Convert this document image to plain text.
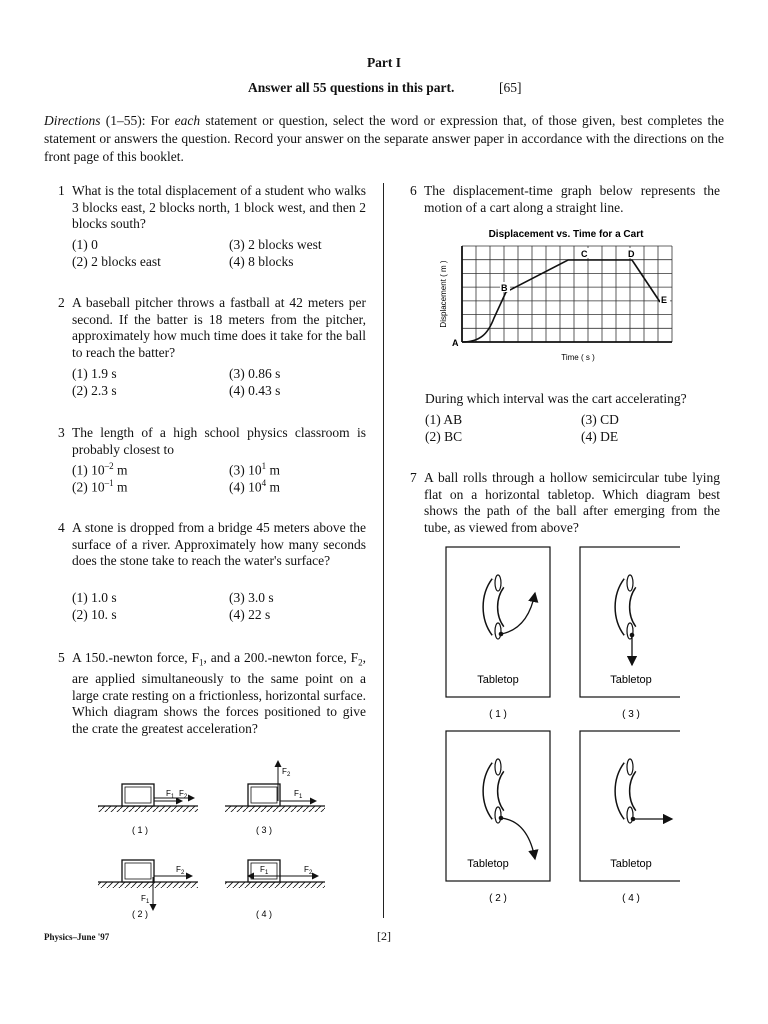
Part I
Answer all 55 questions in this part.	[65]
Directions (1–55): For each statement or question, select the word or expression that, of those given, best completes the statement or answers the question. Record your answer on the separate answer paper in accordance with the directions on the front page of this booklet.
1 What is the total displacement of a student who walks 3 blocks east, 2 blocks north, 1 block west, and then 2 blocks south?
(1) 0
(2) 2 blocks east
(3) 2 blocks west
(4) 8 blocks
2 A baseball pitcher throws a fastball at 42 meters per second. If the batter is 18 meters from the pitcher, approximately how much time does it take for the ball to reach the batter?
(1) 1.9 s
(2) 2.3 s
(3) 0.86 s
(4) 0.43 s
3 The length of a high school physics classroom is probably closest to
(1) $10^{-2}$ m
(2) $10^{-1}$ m
(3) $10^1$ m
(4) $10^4$ m
4 A stone is dropped from a bridge 45 meters above the surface of a river. Approximately how many seconds does the stone take to reach the water's surface?
(1) 1.0 s
(2) 10. s
(3) 3.0 s
(4) 22 s
5 A 150.-newton force, $F_1$, and a 200.-newton force, $F_2$, are applied simultaneously to the same point on a large crate resting on a frictionless, horizontal surface. Which diagram shows the forces positioned to give the crate the greatest acceleration?
F 1 F 2
( 1 )
F 2
F 1
( 3 )
F 2
F 1
( 2 )
F 1	F 2
( 4 )
6 The displacement-time graph below represents the motion of a cart along a straight line.
Displacement vs. Time for a Cart
A
B
C	D
E
Displacement ( m )
Time ( s )
During which interval was the cart accelerating?
(1) AB
(2) BC
(3) CD
(4) DE
7 A ball rolls through a hollow semicircular tube lying flat on a horizontal tabletop. Which diagram best shows the path of the ball after emerging from the tube, as viewed from above?
Tabletop
( 1 )
Tabletop
( 3 )
Tabletop
( 2 )
Tabletop
( 4 )
Physics–June '97	[2]
